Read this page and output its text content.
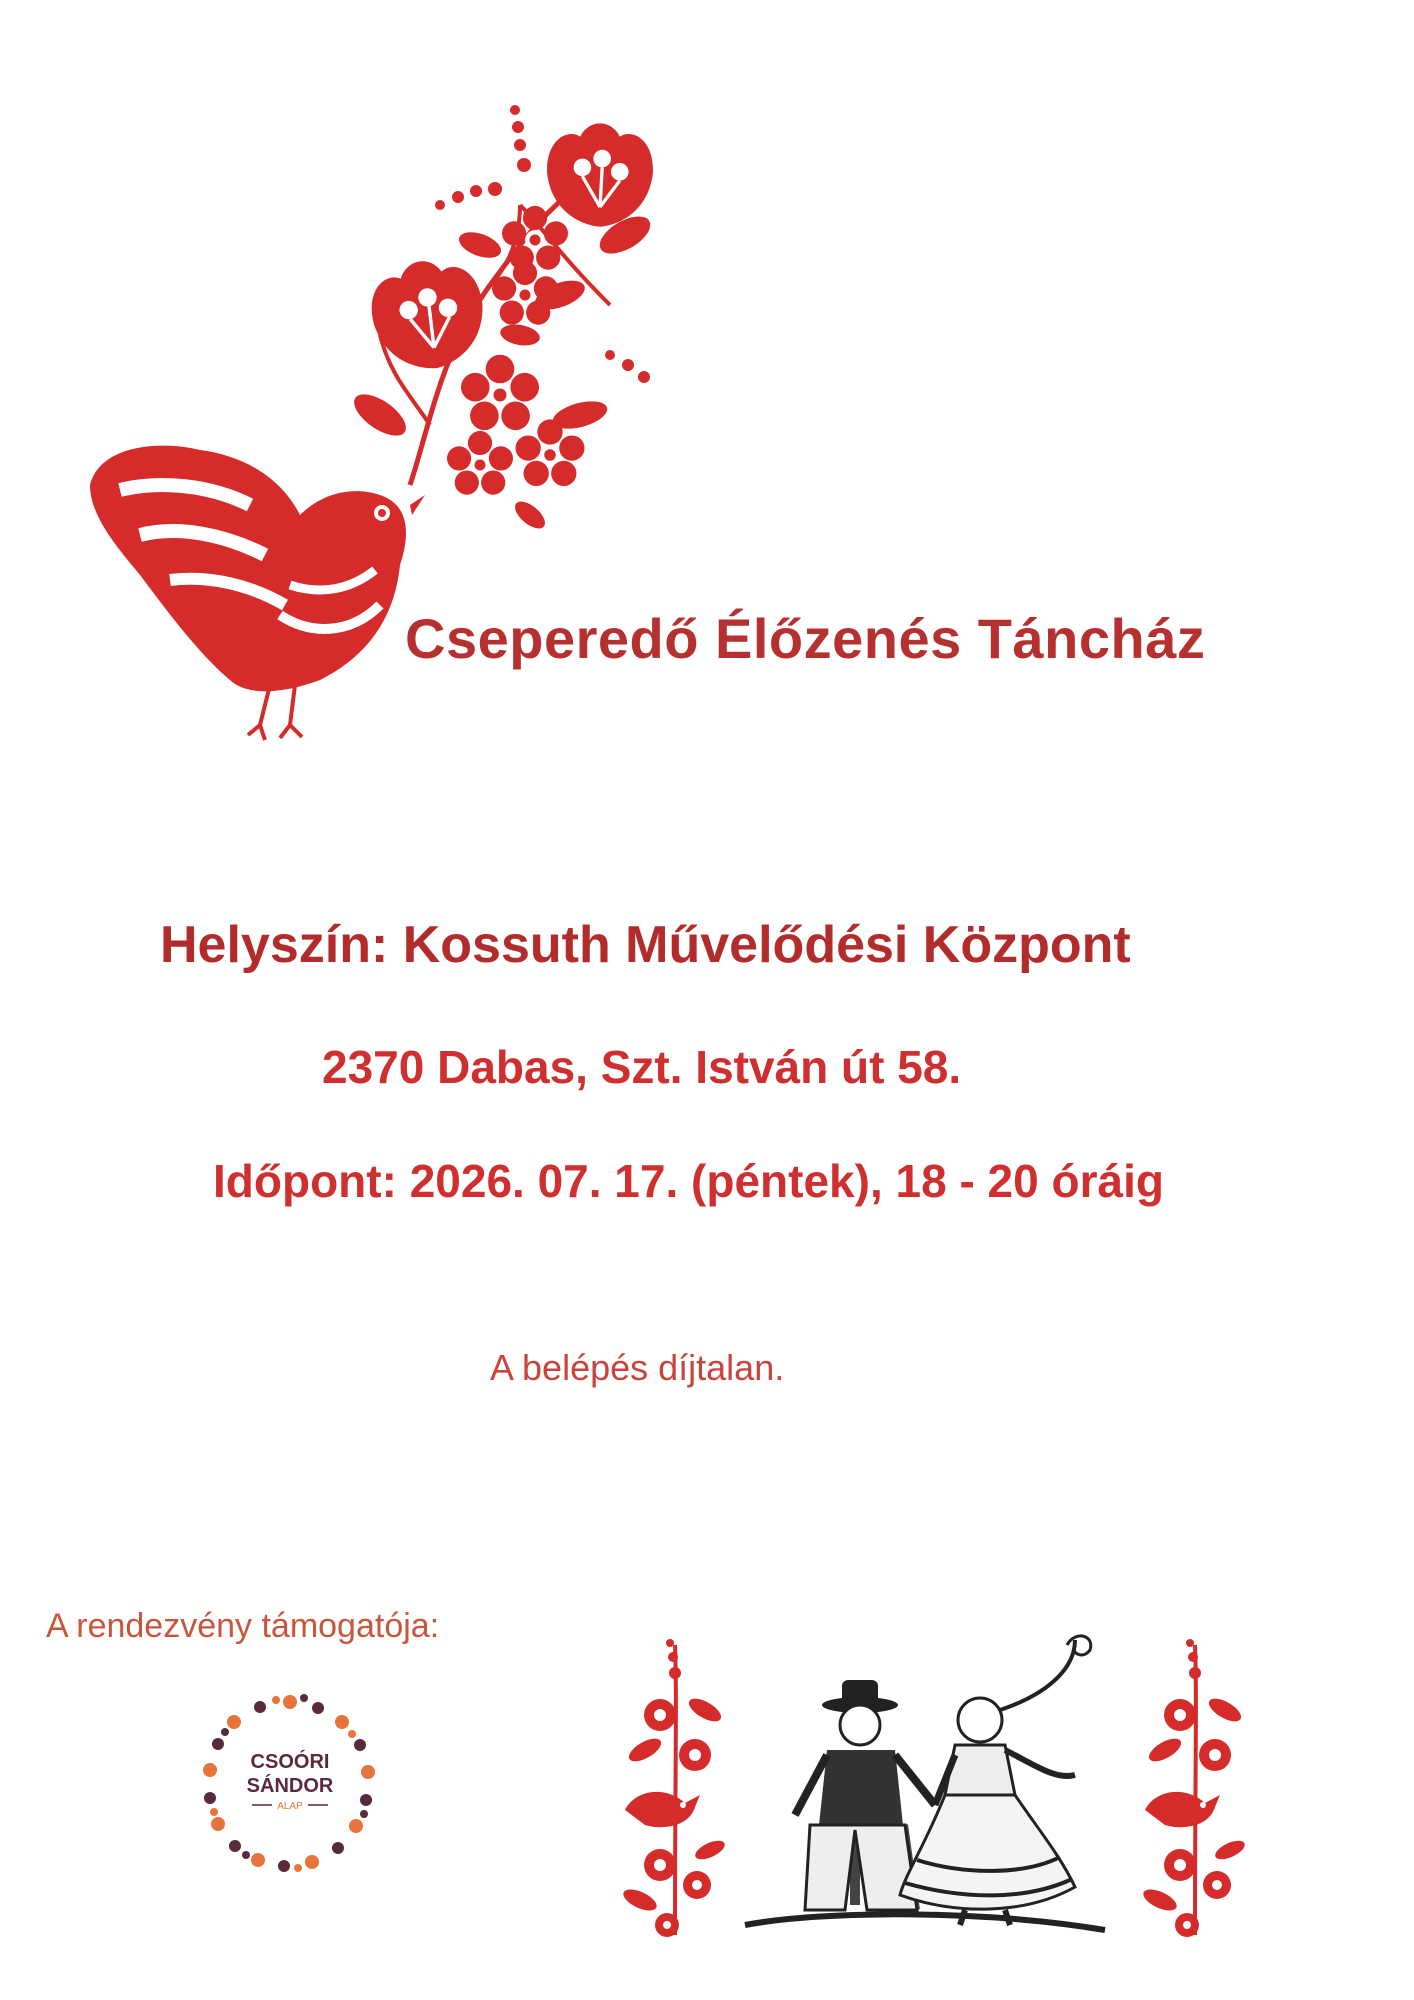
Cseperedő Élőzenés Táncház
Helyszín: Kossuth Művelődési Központ
2370 Dabas, Szt. István út 58.
Időpont: 2026. 07. 17. (péntek), 18 - 20 óráig
A belépés díjtalan.
A rendezvény támogatója:
CSOÓRI
SÁNDOR
ALAP
